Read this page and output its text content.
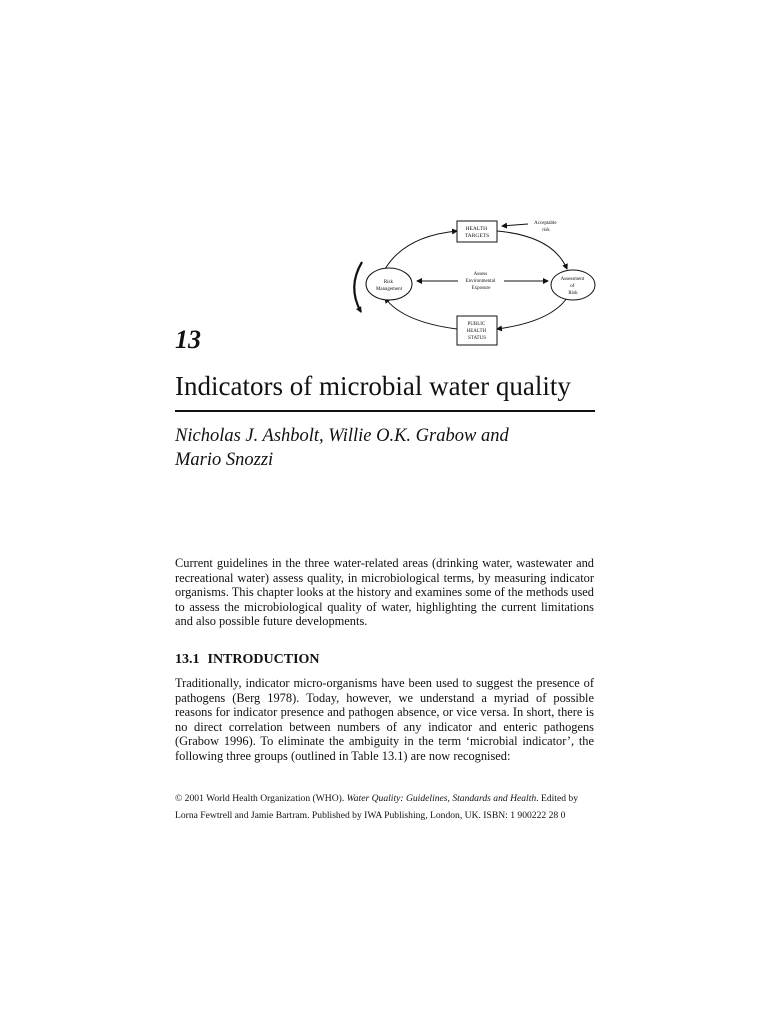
HEALTH TARGETS
Acceptable risk
Risk Management
Assessment of Risk
Assess Environmental Exposure
PUBLIC HEALTH STATUS
13
Indicators of microbial water quality

Nicholas J. Ashbolt, Willie O.K. Grabow and
Mario Snozzi

Current guidelines in the three water-related areas (drinking water, wastewater and recreational water) assess quality, in microbiological terms, by measuring indicator organisms. This chapter looks at the history and examines some of the methods used to assess the microbiological quality of water, highlighting the current limitations and also possible future developments.

13.1 INTRODUCTION

Traditionally, indicator micro-organisms have been used to suggest the presence of pathogens (Berg 1978). Today, however, we understand a myriad of possible reasons for indicator presence and pathogen absence, or vice versa. In short, there is no direct correlation between numbers of any indicator and enteric pathogens (Grabow 1996). To eliminate the ambiguity in the term ‘microbial indicator’, the following three groups (outlined in Table 13.1) are now recognised:

© 2001 World Health Organization (WHO). Water Quality: Guidelines, Standards and Health. Edited by
Lorna Fewtrell and Jamie Bartram. Published by IWA Publishing, London, UK. ISBN: 1 900222 28 0
